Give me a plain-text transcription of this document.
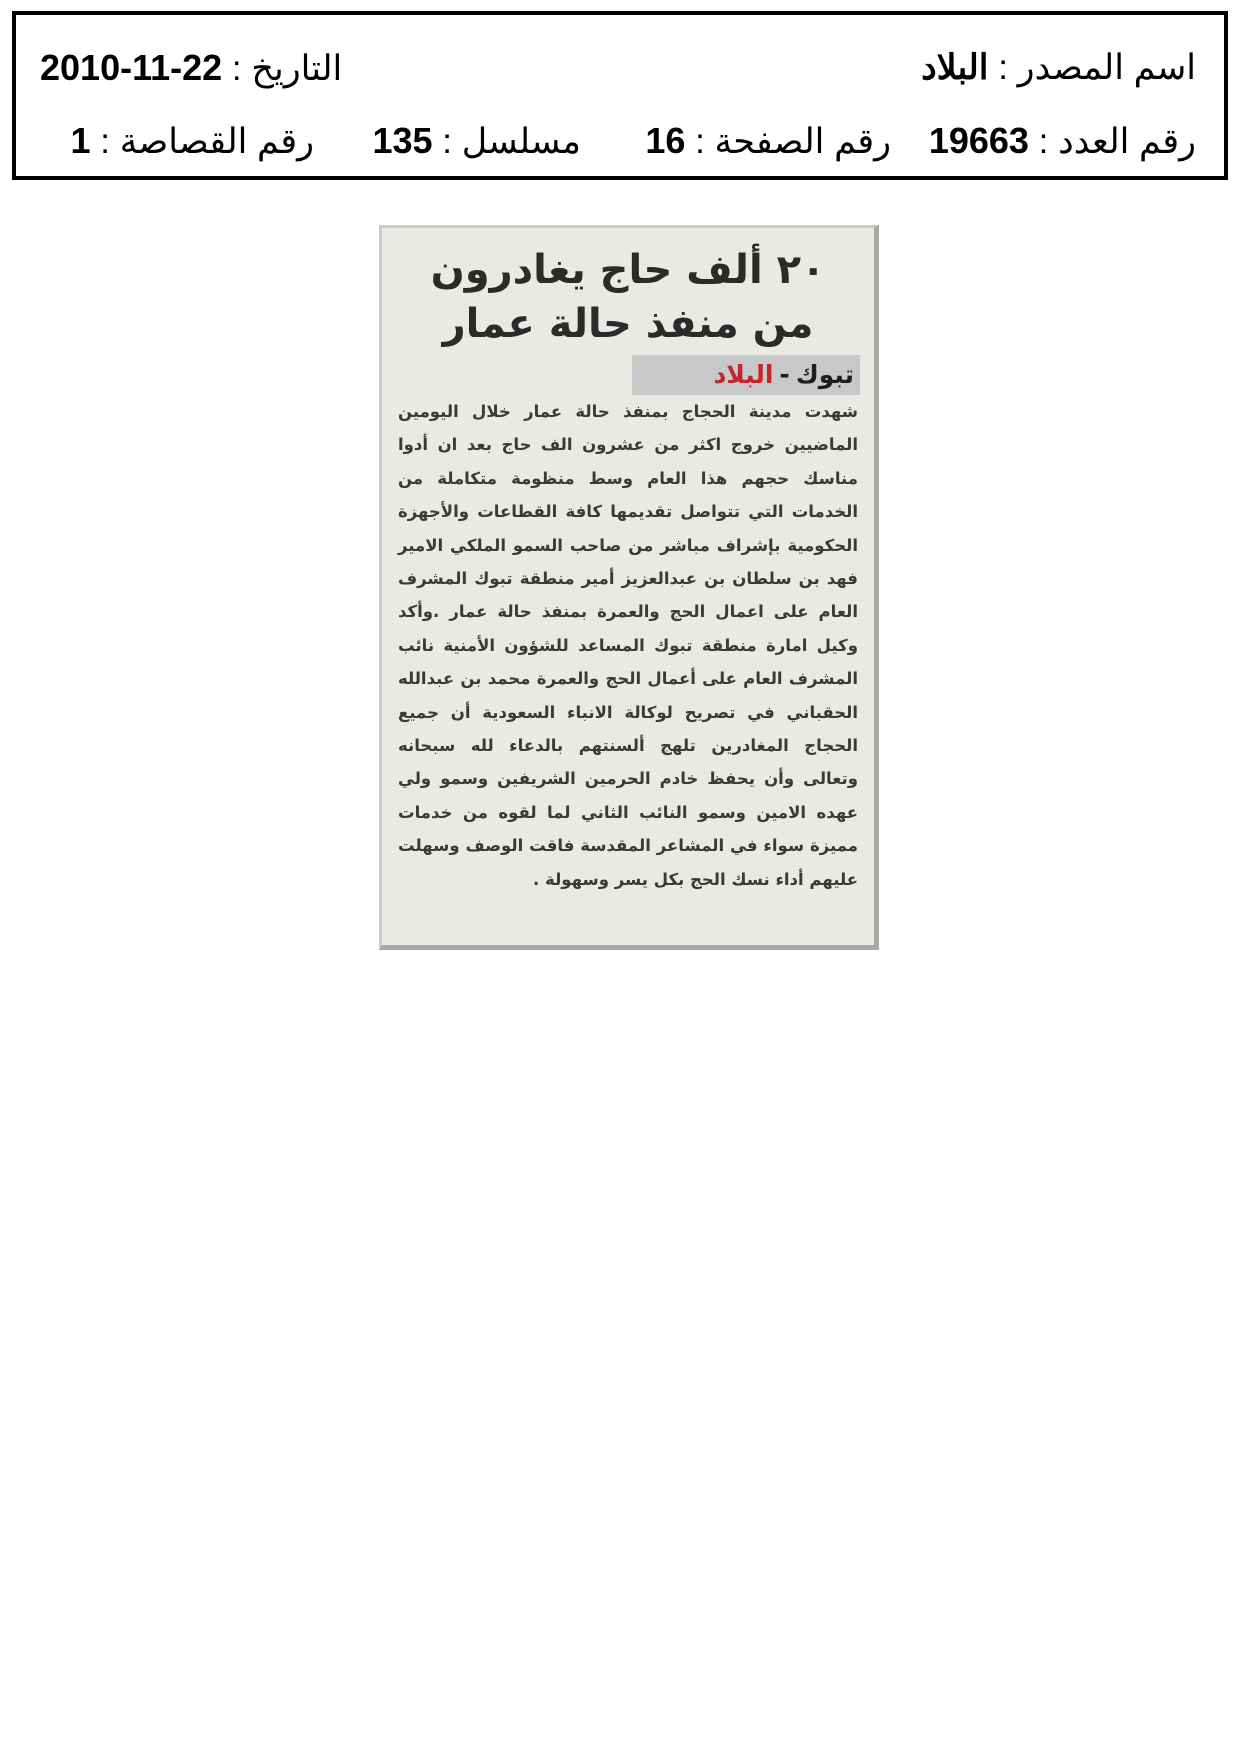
اسم المصدر : البلاد
التاريخ : 2010-11-22
رقم العدد : 19663
رقم الصفحة : 16
مسلسل : 135
رقم القصاصة : 1
٢٠ ألف حاج يغادرون
من منفذ حالة عمار
تبوك-البلاد
شهدت مدينة الحجاج بمنفذ حالة عمار خلال اليومين الماضيين خروج اكثر من عشرون الف حاج بعد ان أدوا مناسك حجهم هذا العام وسط منظومة متكاملة من الخدمات التي تتواصل تقديمها كافة القطاعات والأجهزة الحكومية بإشراف مباشر من صاحب السمو الملكي الامير فهد بن سلطان بن عبدالعزيز أمير منطقة تبوك المشرف العام على اعمال الحج والعمرة بمنفذ حالة عمار .وأكد وكيل امارة منطقة تبوك المساعد للشؤون الأمنية نائب المشرف العام على أعمال الحج والعمرة محمد بن عبدالله الحقباني في تصريح لوكالة الانباء السعودية أن جميع الحجاج المغادرين تلهج ألسنتهم بالدعاء لله سبحانه وتعالى وأن يحفظ خادم الحرمين الشريفين وسمو ولي عهده الامين وسمو النائب الثاني لما لقوه من خدمات مميزة سواء في المشاعر المقدسة فاقت الوصف وسهلت عليهم أداء نسك الحج بكل يسر وسهولة .
